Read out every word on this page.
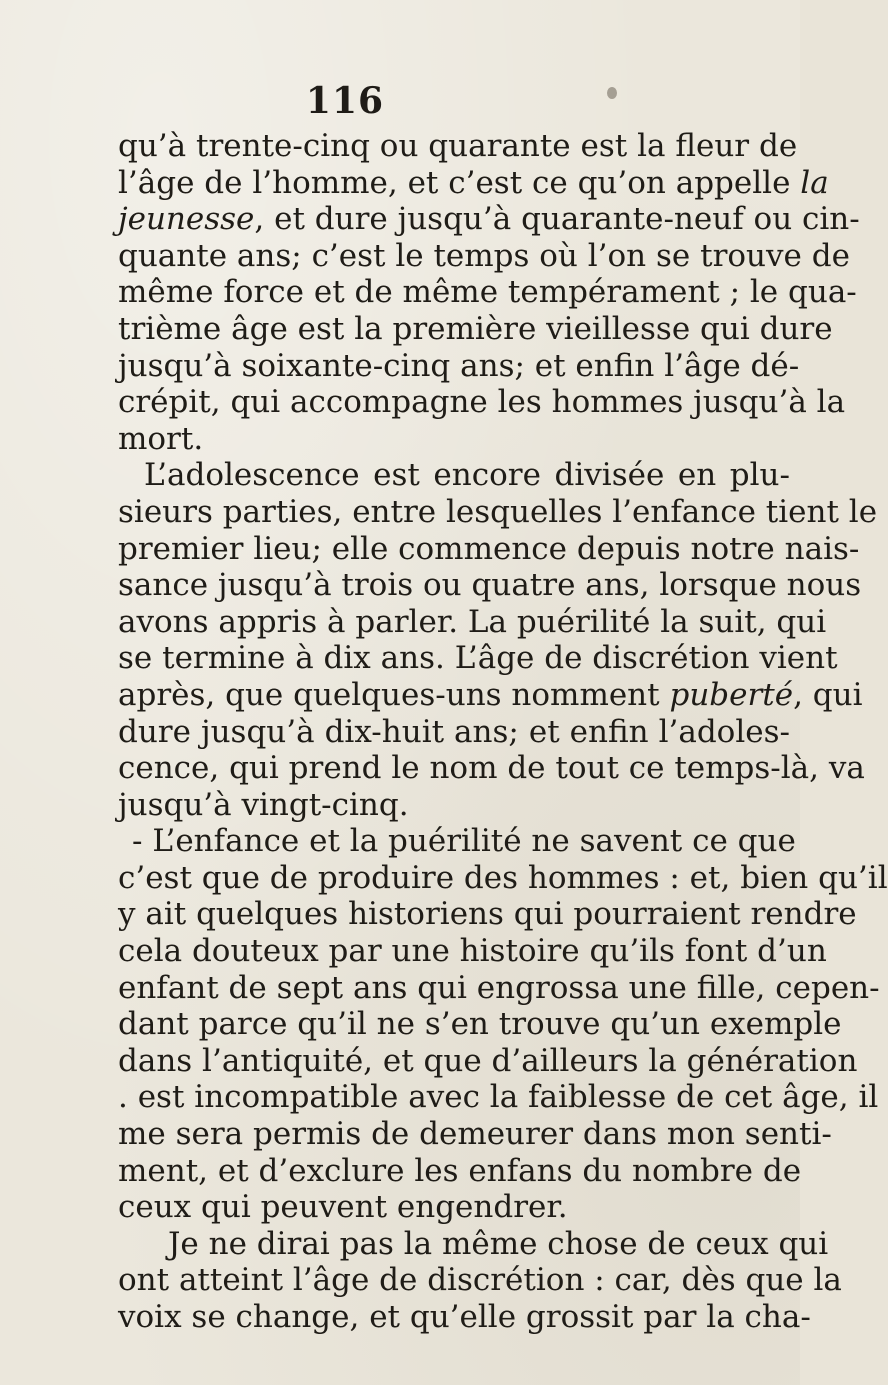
116
qu’à trente-cinq ou quarante est la fleur de
l’âge de l’homme, et c’est ce qu’on appelle la
jeunesse, et dure jusqu’à quarante-neuf ou cin-
quante ans; c’est le temps où l’on se trouve de
même force et de même tempérament ; le qua-
trième âge est la première vieillesse qui dure
jusqu’à soixante-cinq ans; et enfin l’âge dé-
crépit, qui accompagne les hommes jusqu’à la
mort.
L’adolescence est encore divisée en plu-
sieurs parties, entre lesquelles l’enfance tient le
premier lieu; elle commence depuis notre nais-
sance jusqu’à trois ou quatre ans, lorsque nous
avons appris à parler. La puérilité la suit, qui
se termine à dix ans. L’âge de discrétion vient
après, que quelques-uns nomment puberté, qui
dure jusqu’à dix-huit ans; et enfin l’adoles-
cence, qui prend le nom de tout ce temps-là, va
jusqu’à vingt-cinq.
- L’enfance et la puérilité ne savent ce que
c’est que de produire des hommes : et, bien qu’il
y ait quelques historiens qui pourraient rendre
cela douteux par une histoire qu’ils font d’un
enfant de sept ans qui engrossa une fille, cepen-
dant parce qu’il ne s’en trouve qu’un exemple
dans l’antiquité, et que d’ailleurs la génération
. est incompatible avec la faiblesse de cet âge, il
me sera permis de demeurer dans mon senti-
ment, et d’exclure les enfans du nombre de
ceux qui peuvent engendrer.
Je ne dirai pas la même chose de ceux qui
ont atteint l’âge de discrétion : car, dès que la
voix se change, et qu’elle grossit par la cha-
